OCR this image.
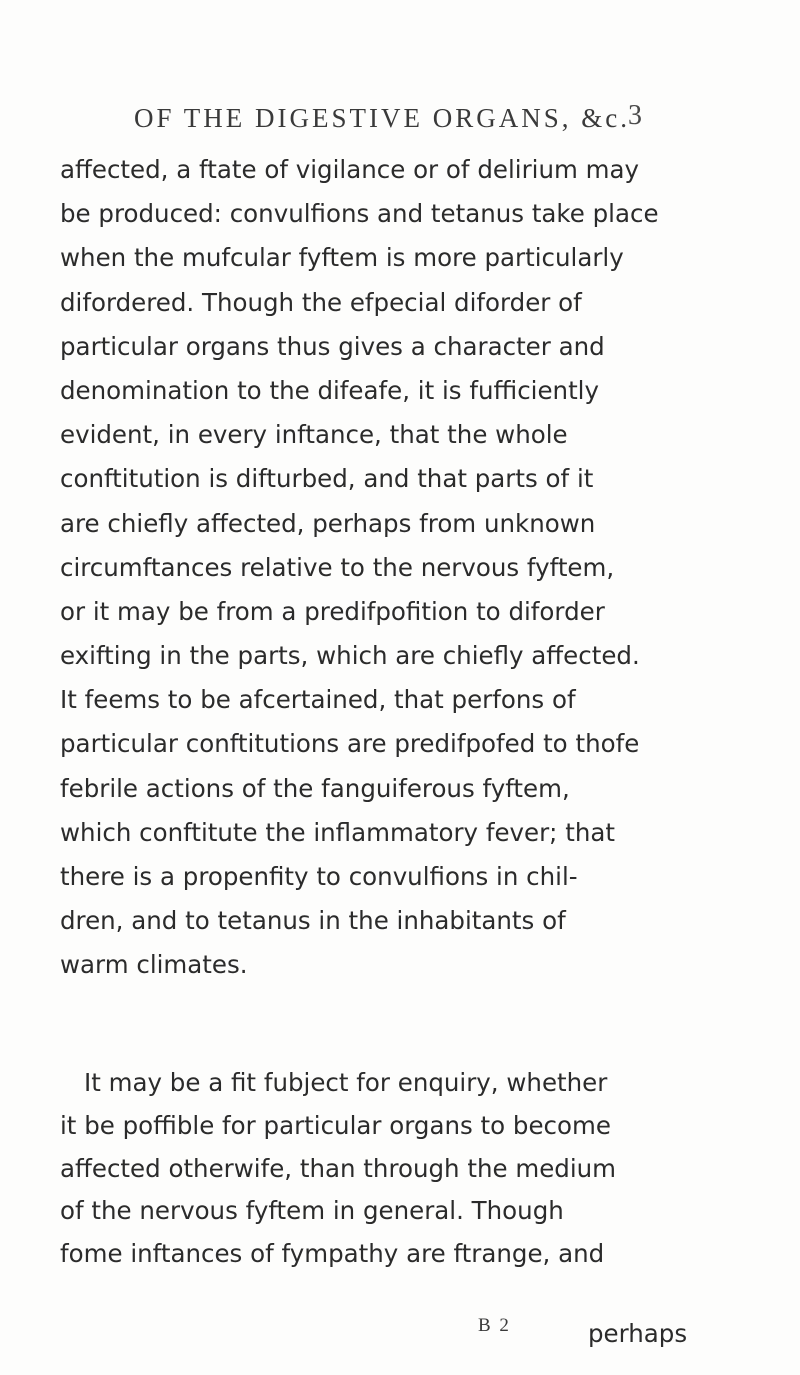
OF THE DIGESTIVE ORGANS, &c.
3
affected, a ftate of vigilance or of delirium may
be produced: convulfions and tetanus take place
when the mufcular fyftem is more particularly
difordered. Though the efpecial diforder of
particular organs thus gives a character and
denomination to the difeafe, it is fufficiently
evident, in every inftance, that the whole
conftitution is difturbed, and that parts of it
are chiefly affected, perhaps from unknown
circumftances relative to the nervous fyftem,
or it may be from a predifpofition to diforder
exifting in the parts, which are chiefly affected.
It feems to be afcertained, that perfons of
particular conftitutions are predifpofed to thofe
febrile actions of the fanguiferous fyftem,
which conftitute the inflammatory fever; that
there is a propenfity to convulfions in chil-
dren, and to tetanus in the inhabitants of
warm climates.
It may be a fit fubject for enquiry, whether
it be poffible for particular organs to become
affected otherwife, than through the medium
of the nervous fyftem in general. Though
fome inftances of fympathy are ftrange, and
B 2	perhaps
